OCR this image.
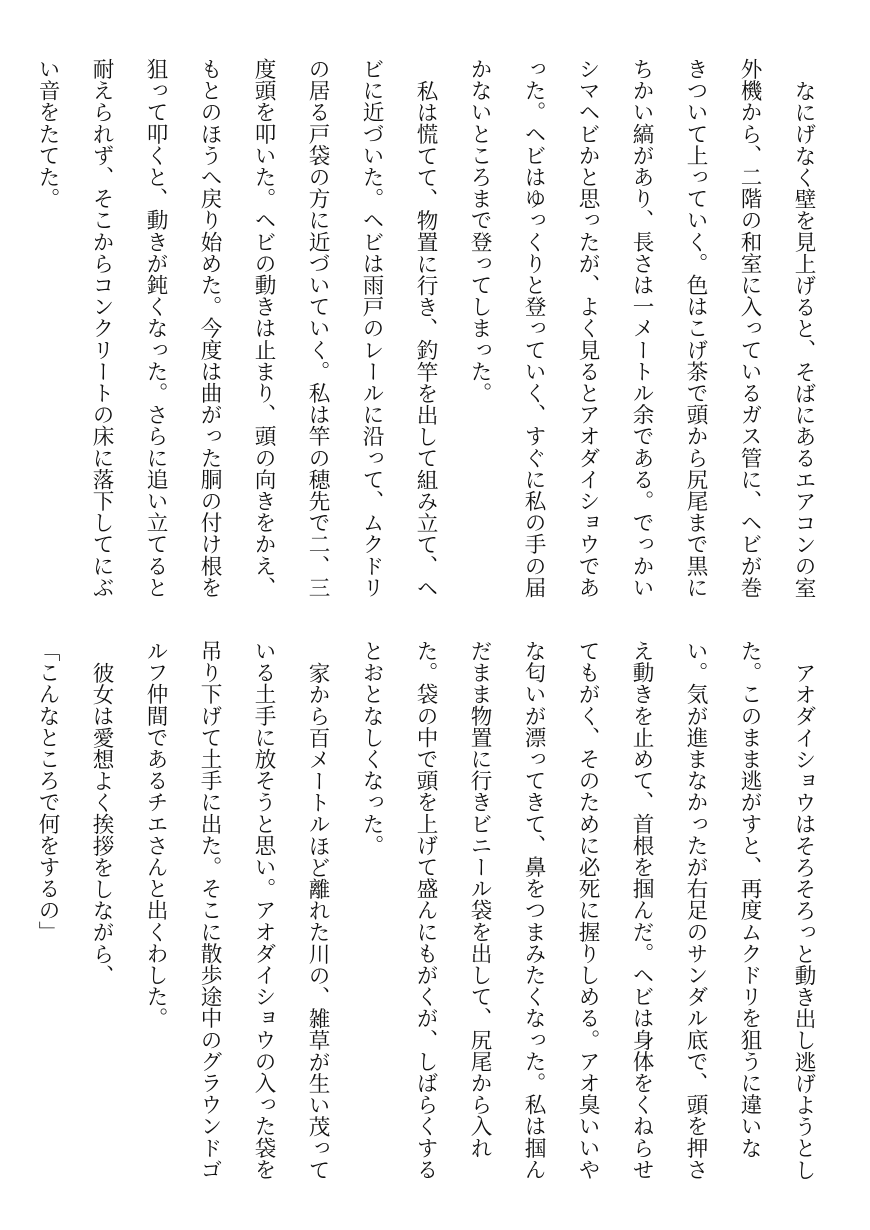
なにげなく壁を見上げると、そばにあるエアコンの室外機から、二階の和室に入っているガス管に、ヘビが巻きついて上っていく。色はこげ茶で頭から尻尾まで黒にちかい縞があり、長さは一メートル余である。でっかいシマヘビかと思ったが、よく見るとアオダイショウであった。ヘビはゆっくりと登っていく、すぐに私の手の届かないところまで登ってしまった。

私は慌てて、物置に行き、釣竿を出して組み立て、ヘビに近づいた。ヘビは雨戸のレールに沿って、ムクドリの居る戸袋の方に近づいていく。私は竿の穂先で二、三度頭を叩いた。ヘビの動きは止まり、頭の向きをかえ、もとのほうへ戻り始めた。今度は曲がった胴の付け根を狙って叩くと、動きが鈍くなった。さらに追い立てると耐えられず、そこからコンクリートの床に落下してにぶい音をたてた。

アオダイショウはそろそろっと動き出し逃げようとした。このまま逃がすと、再度ムクドリを狙うに違いない。気が進まなかったが右足のサンダル底で、頭を押さえ動きを止めて、首根を掴んだ。ヘビは身体をくねらせてもがく、そのために必死に握りしめる。アオ臭いいやな匂いが漂ってきて、鼻をつまみたくなった。私は掴んだまま物置に行きビニール袋を出して、尻尾から入れた。袋の中で頭を上げて盛んにもがくが、しばらくするとおとなしくなった。

家から百メートルほど離れた川の、雑草が生い茂っている土手に放そうと思い。アオダイショウの入った袋を吊り下げて土手に出た。そこに散歩途中のグラウンドゴルフ仲間であるチエさんと出くわした。

彼女は愛想よく挨拶をしながら、

「こんなところで何をするの」
